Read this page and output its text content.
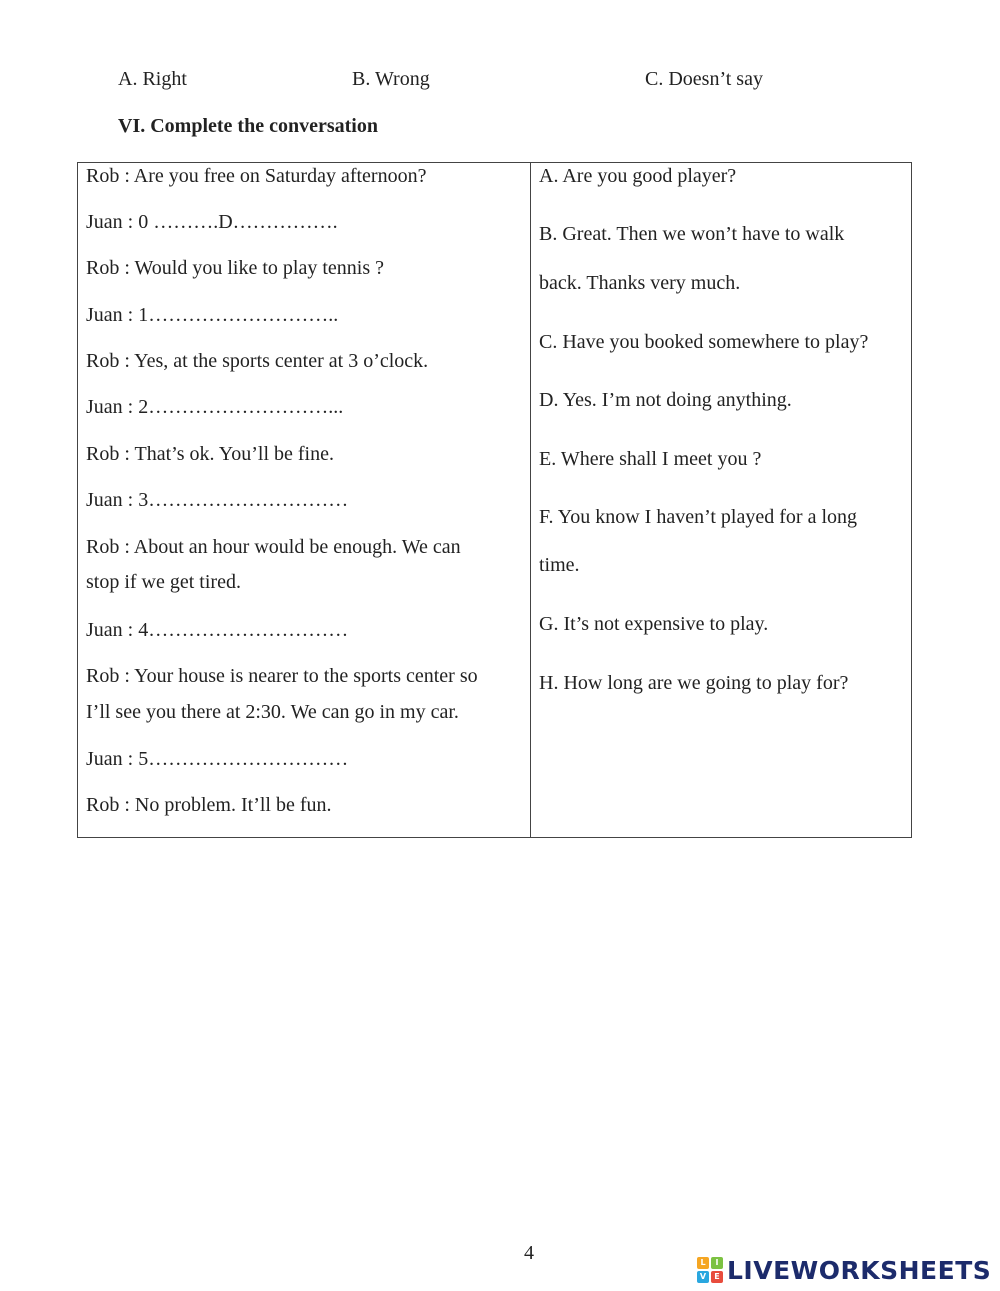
A. Right	B. Wrong	C. Doesn’t say
VI. Complete the conversation
Rob : Are you free on Saturday afternoon?
Juan : 0 ……….D…………….
Rob : Would you like to play tennis ?
Juan : 1………………………..
Rob : Yes, at the sports center at 3 o’clock.
Juan : 2………………………...
Rob : That’s ok. You’ll be fine.
Juan : 3…………………………
Rob : About an hour would be enough. We can
stop if we get tired.
Juan : 4…………………………
Rob : Your house is nearer to the sports center so
I’ll see you there at 2:30. We can go in my car.
Juan : 5…………………………
Rob : No problem. It’ll be fun.
A. Are you good player?
B. Great. Then we won’t have to walk
back. Thanks very much.
C. Have you booked somewhere to play?
D. Yes. I’m not doing anything.
E. Where shall I meet you ?
F. You know I haven’t played for a long
time.
G. It’s not expensive to play.
H. How long are we going to play for?
4	L	I
V	E LIVEWORKSHEETS
